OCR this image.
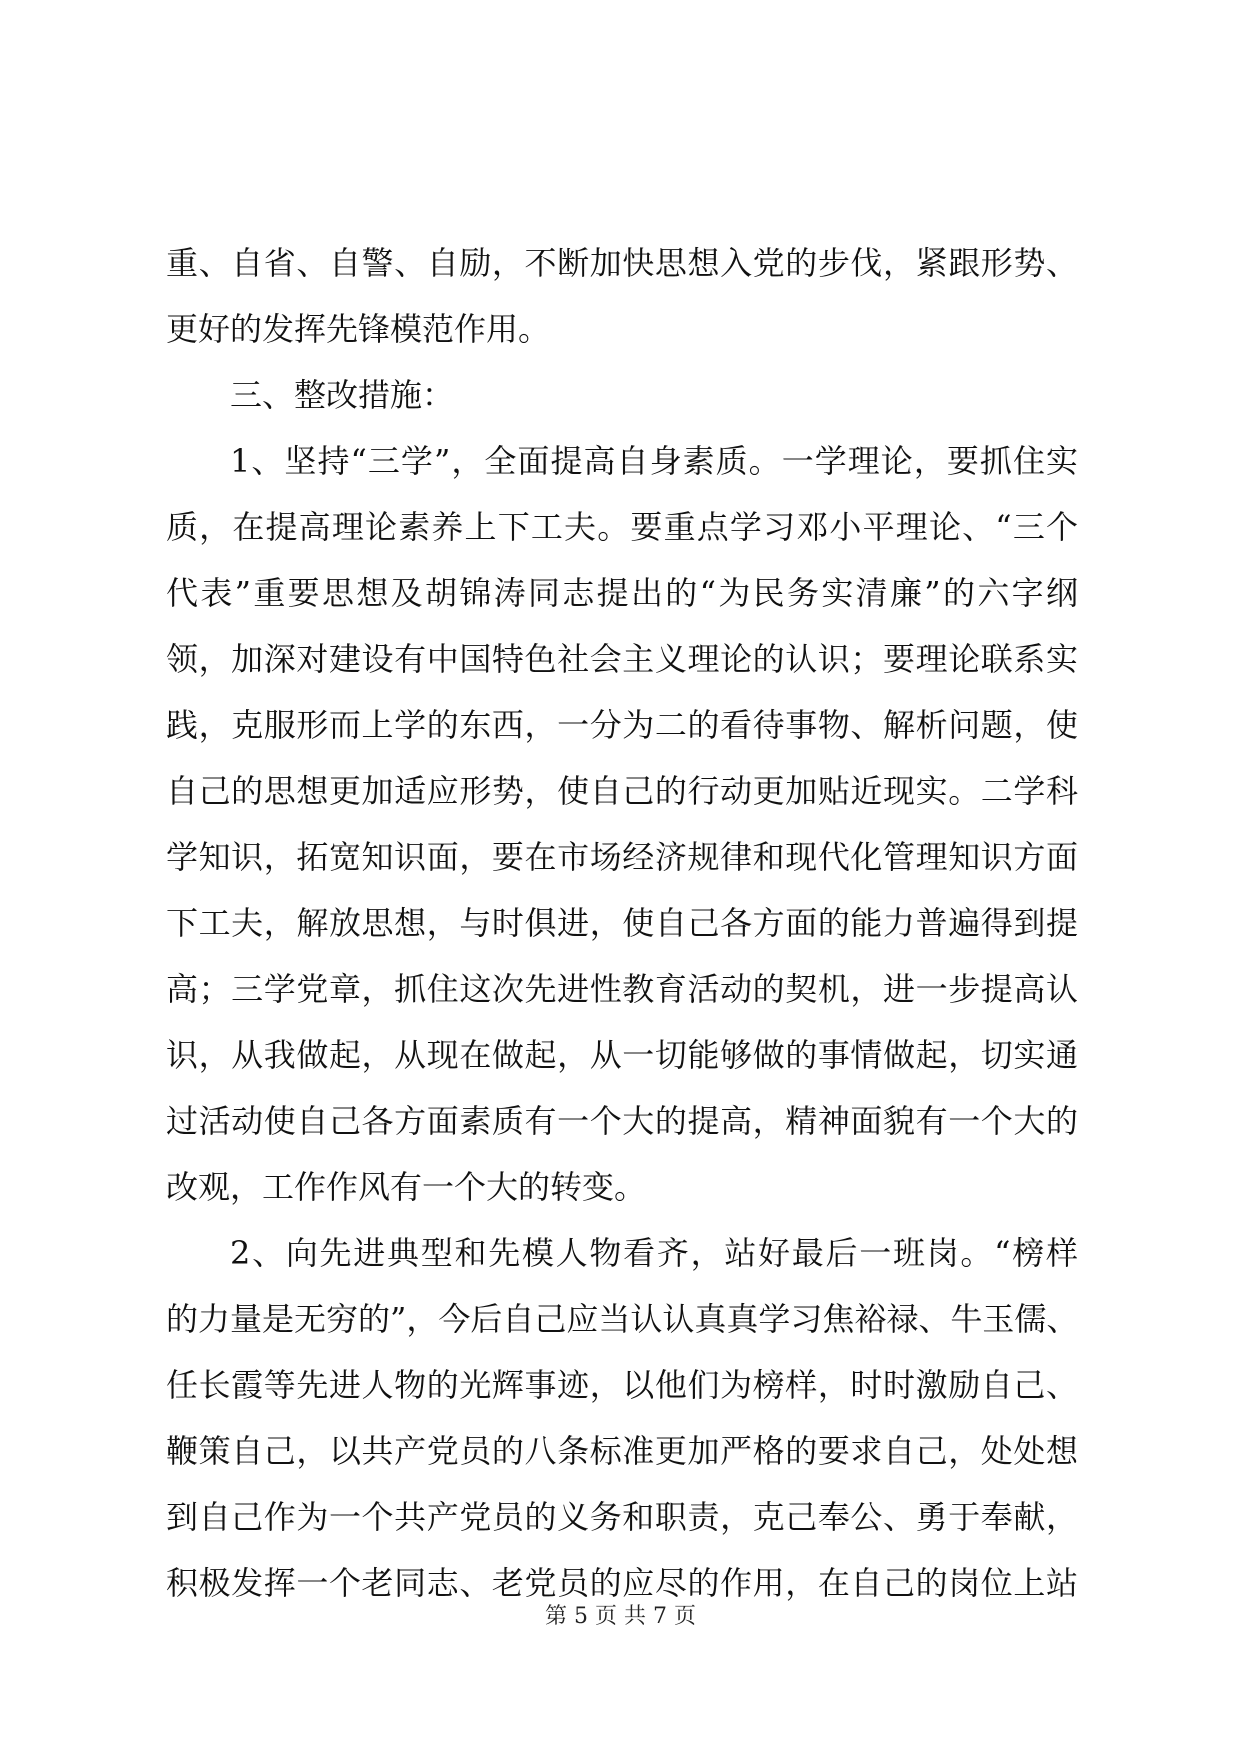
重、自省、自警、自励，不断加快思想入党的步伐，紧跟形势、
更好的发挥先锋模范作用。
三、整改措施：
1、坚持“三学”，全面提高自身素质。一学理论，要抓住实
质，在提高理论素养上下工夫。要重点学习邓小平理论、“三个
代表”重要思想及胡锦涛同志提出的“为民务实清廉”的六字纲
领，加深对建设有中国特色社会主义理论的认识；要理论联系实
践，克服形而上学的东西，一分为二的看待事物、解析问题，使
自己的思想更加适应形势，使自己的行动更加贴近现实。二学科
学知识，拓宽知识面，要在市场经济规律和现代化管理知识方面
下工夫，解放思想，与时俱进，使自己各方面的能力普遍得到提
高；三学党章，抓住这次先进性教育活动的契机，进一步提高认
识，从我做起，从现在做起，从一切能够做的事情做起，切实通
过活动使自己各方面素质有一个大的提高，精神面貌有一个大的
改观，工作作风有一个大的转变。
2、向先进典型和先模人物看齐，站好最后一班岗。“榜样
的力量是无穷的”，今后自己应当认认真真学习焦裕禄、牛玉儒、
任长霞等先进人物的光辉事迹，以他们为榜样，时时激励自己、
鞭策自己，以共产党员的八条标准更加严格的要求自己，处处想
到自己作为一个共产党员的义务和职责，克己奉公、勇于奉献，
积极发挥一个老同志、老党员的应尽的作用，在自己的岗位上站
第 5 页 共 7 页
